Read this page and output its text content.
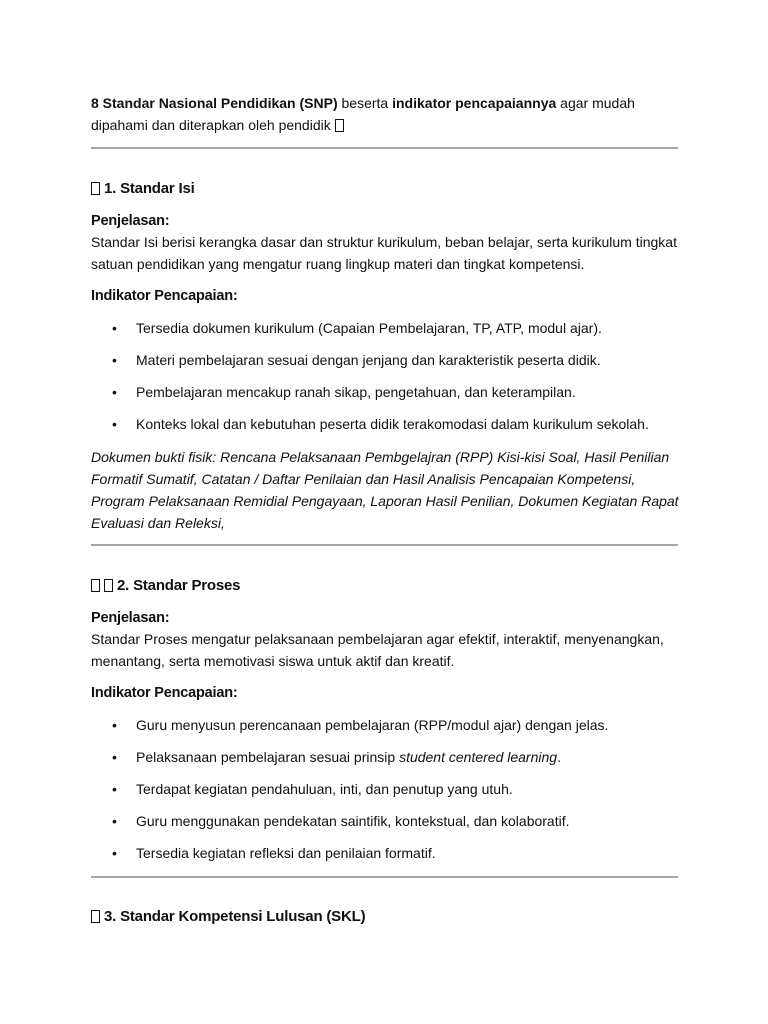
8 Standar Nasional Pendidikan (SNP) beserta indikator pencapaiannya agar mudah dipahami dan diterapkan oleh pendidik
1. Standar Isi
Penjelasan:
Standar Isi berisi kerangka dasar dan struktur kurikulum, beban belajar, serta kurikulum tingkat satuan pendidikan yang mengatur ruang lingkup materi dan tingkat kompetensi.
Indikator Pencapaian:
•	Tersedia dokumen kurikulum (Capaian Pembelajaran, TP, ATP, modul ajar).
•	Materi pembelajaran sesuai dengan jenjang dan karakteristik peserta didik.
•	Pembelajaran mencakup ranah sikap, pengetahuan, dan keterampilan.
•	Konteks lokal dan kebutuhan peserta didik terakomodasi dalam kurikulum sekolah.
Dokumen bukti fisik: Rencana Pelaksanaan Pembgelajran (RPP) Kisi-kisi Soal, Hasil Penilian Formatif Sumatif, Catatan / Daftar Penilaian dan Hasil Analisis Pencapaian Kompetensi, Program Pelaksanaan Remidial Pengayaan, Laporan Hasil Penilian, Dokumen Kegiatan Rapat Evaluasi dan Releksi,
2. Standar Proses
Penjelasan:
Standar Proses mengatur pelaksanaan pembelajaran agar efektif, interaktif, menyenangkan, menantang, serta memotivasi siswa untuk aktif dan kreatif.
Indikator Pencapaian:
•	Guru menyusun perencanaan pembelajaran (RPP/modul ajar) dengan jelas.
•	Pelaksanaan pembelajaran sesuai prinsip student centered learning.
•	Terdapat kegiatan pendahuluan, inti, dan penutup yang utuh.
•	Guru menggunakan pendekatan saintifik, kontekstual, dan kolaboratif.
•	Tersedia kegiatan refleksi dan penilaian formatif.
3. Standar Kompetensi Lulusan (SKL)
